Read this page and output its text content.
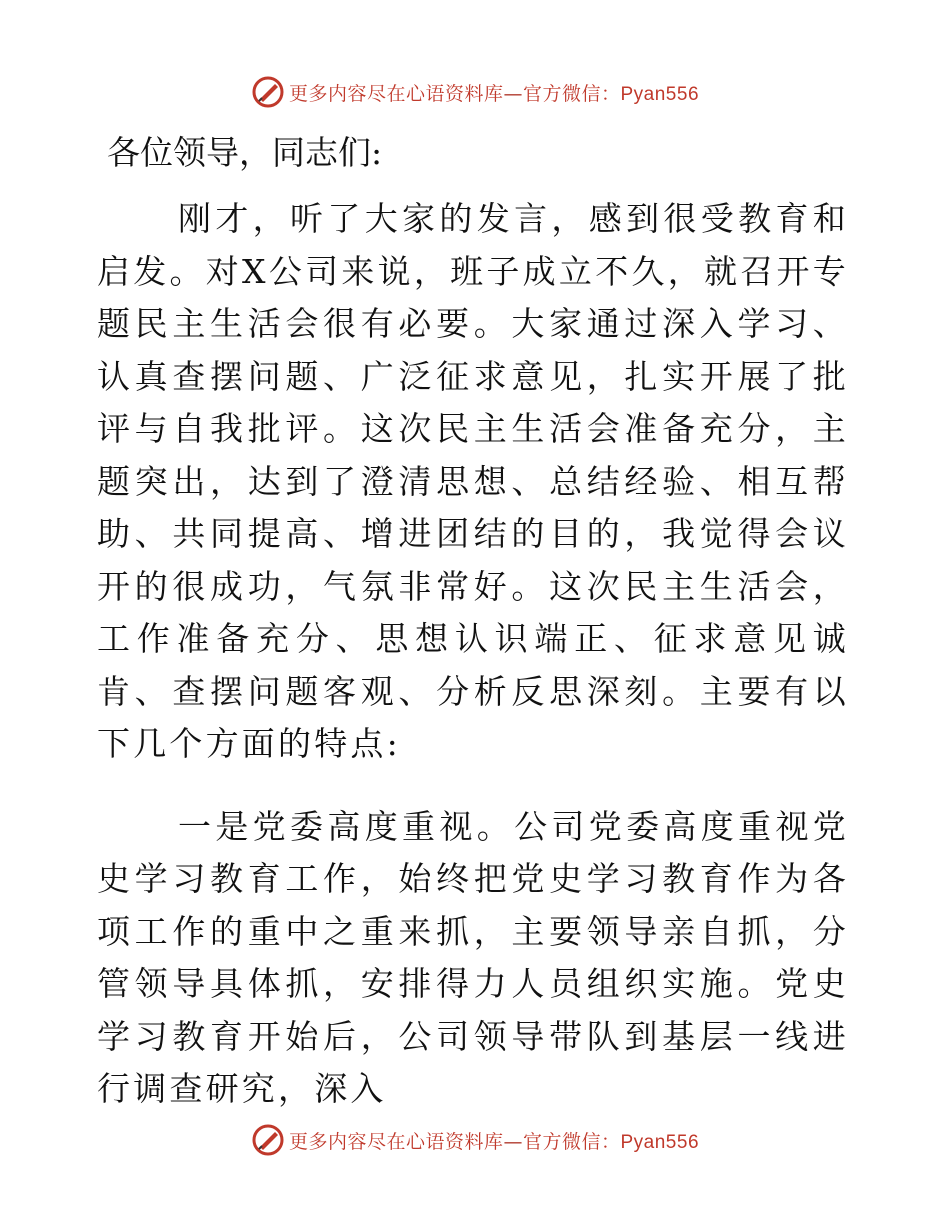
更多内容尽在心语资料库—官方微信：Pyan556
各位领导，同志们:

刚才，听了大家的发言，感到很受教育和启发。对X公司来说，班子成立不久，就召开专题民主生活会很有必要。大家通过深入学习、认真查摆问题、广泛征求意见，扎实开展了批评与自我批评。这次民主生活会准备充分，主题突出，达到了澄清思想、总结经验、相互帮助、共同提高、增进团结的目的，我觉得会议开的很成功，气氛非常好。这次民主生活会，工作准备充分、思想认识端正、征求意见诚肯、查摆问题客观、分析反思深刻。主要有以下几个方面的特点:

一是党委高度重视。公司党委高度重视党史学习教育工作，始终把党史学习教育作为各项工作的重中之重来抓，主要领导亲自抓，分管领导具体抓，安排得力人员组织实施。党史学习教育开始后，公司领导带队到基层一线进行调查研究，深入

更多内容尽在心语资料库—官方微信：Pyan556
